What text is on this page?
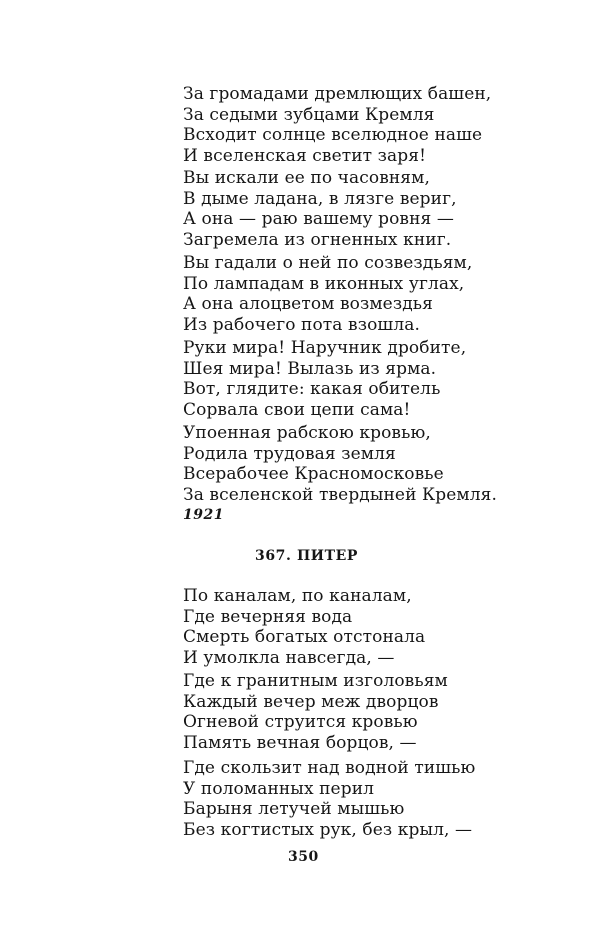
За громадами дремлющих башен,
За седыми зубцами Кремля
Всходит солнце вселюдное наше
И вселенская светит заря!
Вы искали ее по часовням,
В дыме ладана, в лязге вериг,
А она — раю вашему ровня —
Загремела из огненных книг.
Вы гадали о ней по созвездьям,
По лампадам в иконных углах,
А она алоцветом возмездья
Из рабочего пота взошла.
Руки мира! Наручник дробите,
Шея мира! Вылазь из ярма.
Вот, глядите: какая обитель
Сорвала свои цепи сама!
Упоенная рабскою кровью,
Родила трудовая земля
Всерабочее Красномосковье
За вселенской твердыней Кремля.
1921
367. ПИТЕР
По каналам, по каналам,
Где вечерняя вода
Смерть богатых отстонала
И умолкла навсегда, —
Где к гранитным изголовьям
Каждый вечер меж дворцов
Огневой струится кровью
Память вечная борцов, —
Где скользит над водной тишью
У поломанных перил
Барыня летучей мышью
Без когтистых рук, без крыл, —
350
